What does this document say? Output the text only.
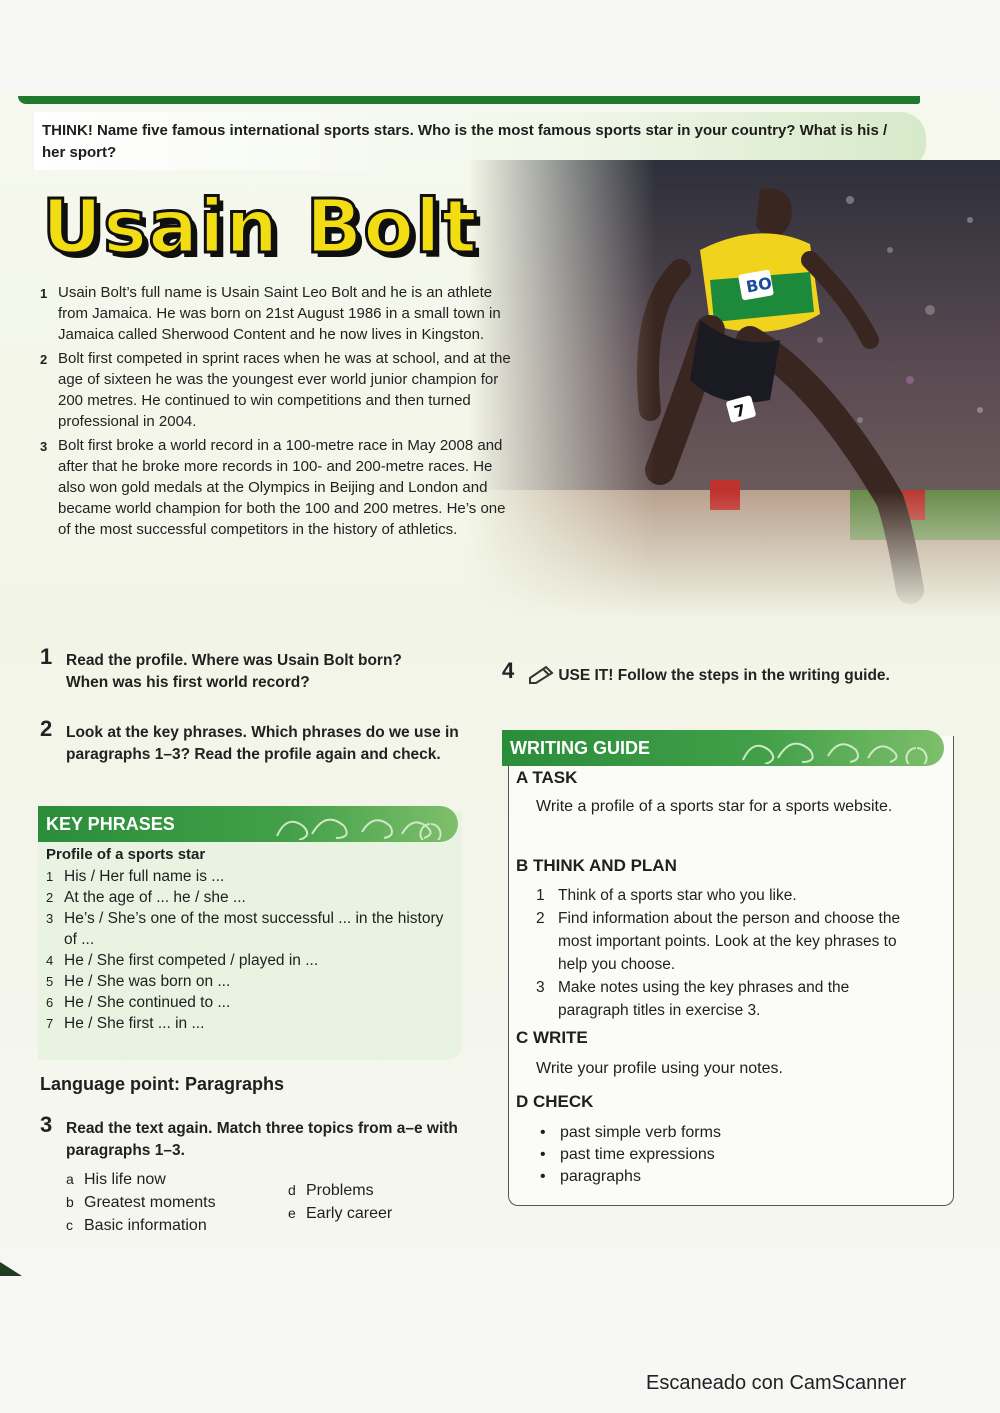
THINK! Name five famous international sports stars. Who is the most famous sports star in your country? What is his / her sport?
Usain Bolt
1 Usain Bolt’s full name is Usain Saint Leo Bolt and he is an athlete from Jamaica. He was born on 21st August 1986 in a small town in Jamaica called Sherwood Content and he now lives in Kingston.
2 Bolt first competed in sprint races when he was at school, and at the age of sixteen he was the youngest ever world junior champion for 200 metres. He continued to win competitions and then turned professional in 2004.
3 Bolt first broke a world record in a 100-metre race in May 2008 and after that he broke more records in 100- and 200-metre races. He also won gold medals at the Olympics in Beijing and London and became world champion for both the 100 and 200 metres. He’s one of the most successful competitors in the history of athletics.
1 Read the profile. Where was Usain Bolt born? When was his first world record?
2 Look at the key phrases. Which phrases do we use in paragraphs 1–3? Read the profile again and check.
KEY PHRASES
Profile of a sports star
1 His / Her full name is ...
2 At the age of ... he / she ...
3 He’s / She’s one of the most successful ... in the history of ...
4 He / She first competed / played in ...
5 He / She was born on ...
6 He / She continued to ...
7 He / She first ... in ...
Language point: Paragraphs
3 Read the text again. Match three topics from a–e with paragraphs 1–3.
a His life now
b Greatest moments
d Problems
c Basic information
e Early career
4	USE IT! Follow the steps in the writing guide.
WRITING GUIDE
A TASK
Write a profile of a sports star for a sports website.
B THINK AND PLAN
1 Think of a sports star who you like.
2 Find information about the person and choose the most important points. Look at the key phrases to help you choose.
3 Make notes using the key phrases and the paragraph titles in exercise 3.
C WRITE
Write your profile using your notes.
D CHECK
• past simple verb forms
• past time expressions
• paragraphs
Escaneado con CamScanner
